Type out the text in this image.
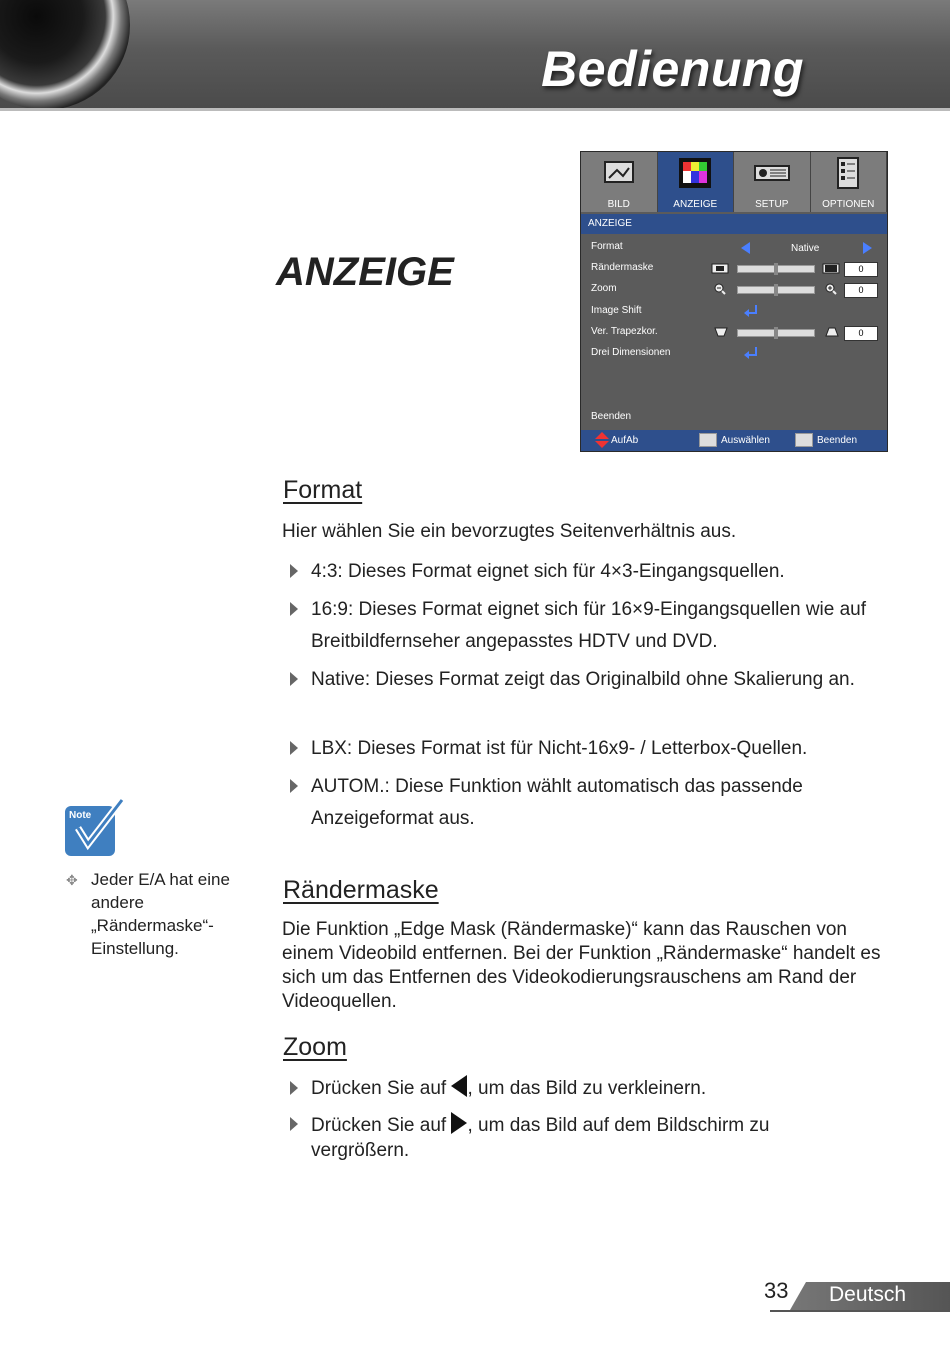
Bedienung
ANZEIGE
BILD	ANZEIGE	SETUP	OPTIONEN
ANZEIGE
Format	Native
Rändermaske	0
Zoom	0
Image Shift
Ver. Trapezkor.	0
Drei Dimensionen
Beenden
AufAb	Auswählen	Beenden
Format
Hier wählen Sie ein bevorzugtes Seitenverhältnis aus.
4:3: Dieses Format eignet sich für 4×3-Eingangsquellen.
16:9: Dieses Format eignet sich für 16×9-Eingangsquellen wie auf Breitbildfernseher angepasstes HDTV und DVD.
Native: Dieses Format zeigt das Originalbild ohne Skalierung an.
LBX: Dieses Format ist für Nicht-16x9- / Letterbox-Quellen.
AUTOM.: Diese Funktion wählt automatisch das passende Anzeigeformat aus.
Note
✥ Jeder E/A hat eine andere „Rändermaske“-Einstellung.
Rändermaske
Die Funktion „Edge Mask (Rändermaske)“ kann das Rauschen von einem Videobild entfernen. Bei der Funktion „Rändermaske“ handelt es sich um das Entfernen des Videokodierungsrauschens am Rand der Videoquellen.
Zoom
Drücken Sie auf , um das Bild zu verkleinern.
Drücken Sie auf , um das Bild auf dem Bildschirm zu vergrößern.
33 Deutsch
